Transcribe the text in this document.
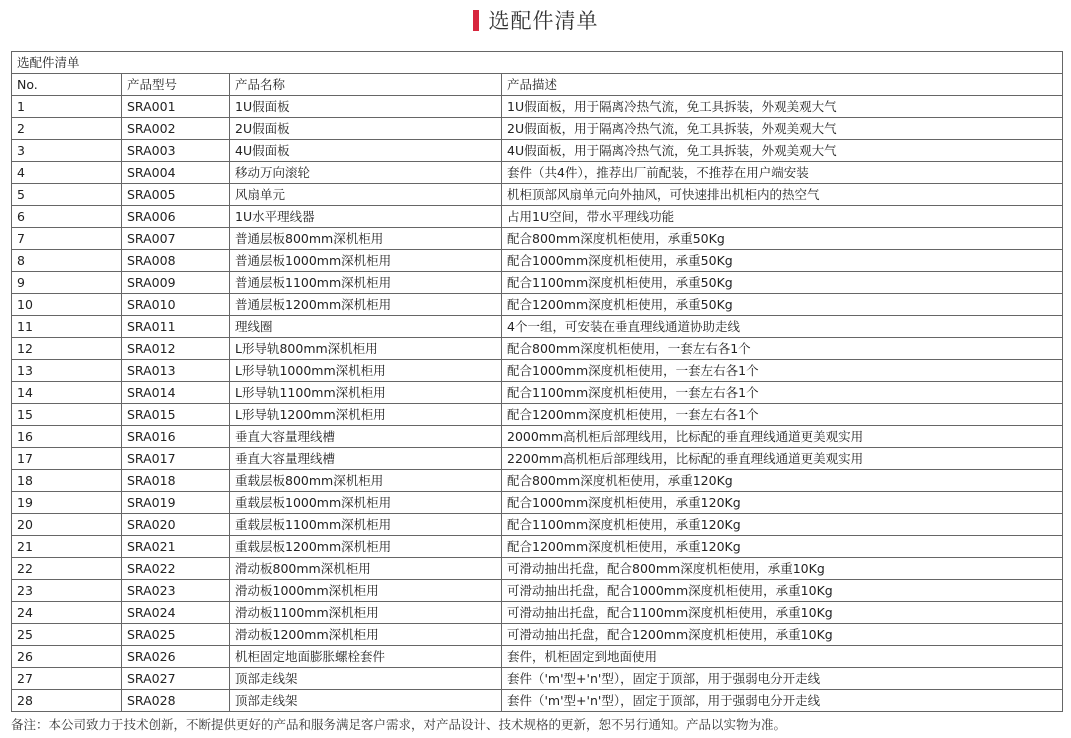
选配件清单
选配件清单			
No.	产品型号	产品名称	产品描述
1	SRA001	1U假面板	1U假面板，用于隔离冷热气流，免工具拆装，外观美观大气
2	SRA002	2U假面板	2U假面板，用于隔离冷热气流，免工具拆装，外观美观大气
3	SRA003	4U假面板	4U假面板，用于隔离冷热气流，免工具拆装，外观美观大气
4	SRA004	移动万向滚轮	套件（共4件），推荐出厂前配装，不推荐在用户端安装
5	SRA005	风扇单元	机柜顶部风扇单元向外抽风，可快速排出机柜内的热空气
6	SRA006	1U水平理线器	占用1U空间，带水平理线功能
7	SRA007	普通层板800mm深机柜用	配合800mm深度机柜使用，承重50Kg
8	SRA008	普通层板1000mm深机柜用	配合1000mm深度机柜使用，承重50Kg
9	SRA009	普通层板1100mm深机柜用	配合1100mm深度机柜使用，承重50Kg
10	SRA010	普通层板1200mm深机柜用	配合1200mm深度机柜使用，承重50Kg
11	SRA011	理线圈	4个一组，可安装在垂直理线通道协助走线
12	SRA012	L形导轨800mm深机柜用	配合800mm深度机柜使用，一套左右各1个
13	SRA013	L形导轨1000mm深机柜用	配合1000mm深度机柜使用，一套左右各1个
14	SRA014	L形导轨1100mm深机柜用	配合1100mm深度机柜使用，一套左右各1个
15	SRA015	L形导轨1200mm深机柜用	配合1200mm深度机柜使用，一套左右各1个
16	SRA016	垂直大容量理线槽	2000mm高机柜后部理线用，比标配的垂直理线通道更美观实用
17	SRA017	垂直大容量理线槽	2200mm高机柜后部理线用，比标配的垂直理线通道更美观实用
18	SRA018	重载层板800mm深机柜用	配合800mm深度机柜使用，承重120Kg
19	SRA019	重载层板1000mm深机柜用	配合1000mm深度机柜使用，承重120Kg
20	SRA020	重载层板1100mm深机柜用	配合1100mm深度机柜使用，承重120Kg
21	SRA021	重载层板1200mm深机柜用	配合1200mm深度机柜使用，承重120Kg
22	SRA022	滑动板800mm深机柜用	可滑动抽出托盘，配合800mm深度机柜使用，承重10Kg
23	SRA023	滑动板1000mm深机柜用	可滑动抽出托盘，配合1000mm深度机柜使用，承重10Kg
24	SRA024	滑动板1100mm深机柜用	可滑动抽出托盘，配合1100mm深度机柜使用，承重10Kg
25	SRA025	滑动板1200mm深机柜用	可滑动抽出托盘，配合1200mm深度机柜使用，承重10Kg
26	SRA026	机柜固定地面膨胀螺栓套件	套件，机柜固定到地面使用
27	SRA027	顶部走线架	套件（'m'型+'n'型），固定于顶部，用于强弱电分开走线
28	SRA028	顶部走线架	套件（'m'型+'n'型），固定于顶部，用于强弱电分开走线
备注：本公司致力于技术创新，不断提供更好的产品和服务满足客户需求，对产品设计、技术规格的更新，恕不另行通知。产品以实物为准。
